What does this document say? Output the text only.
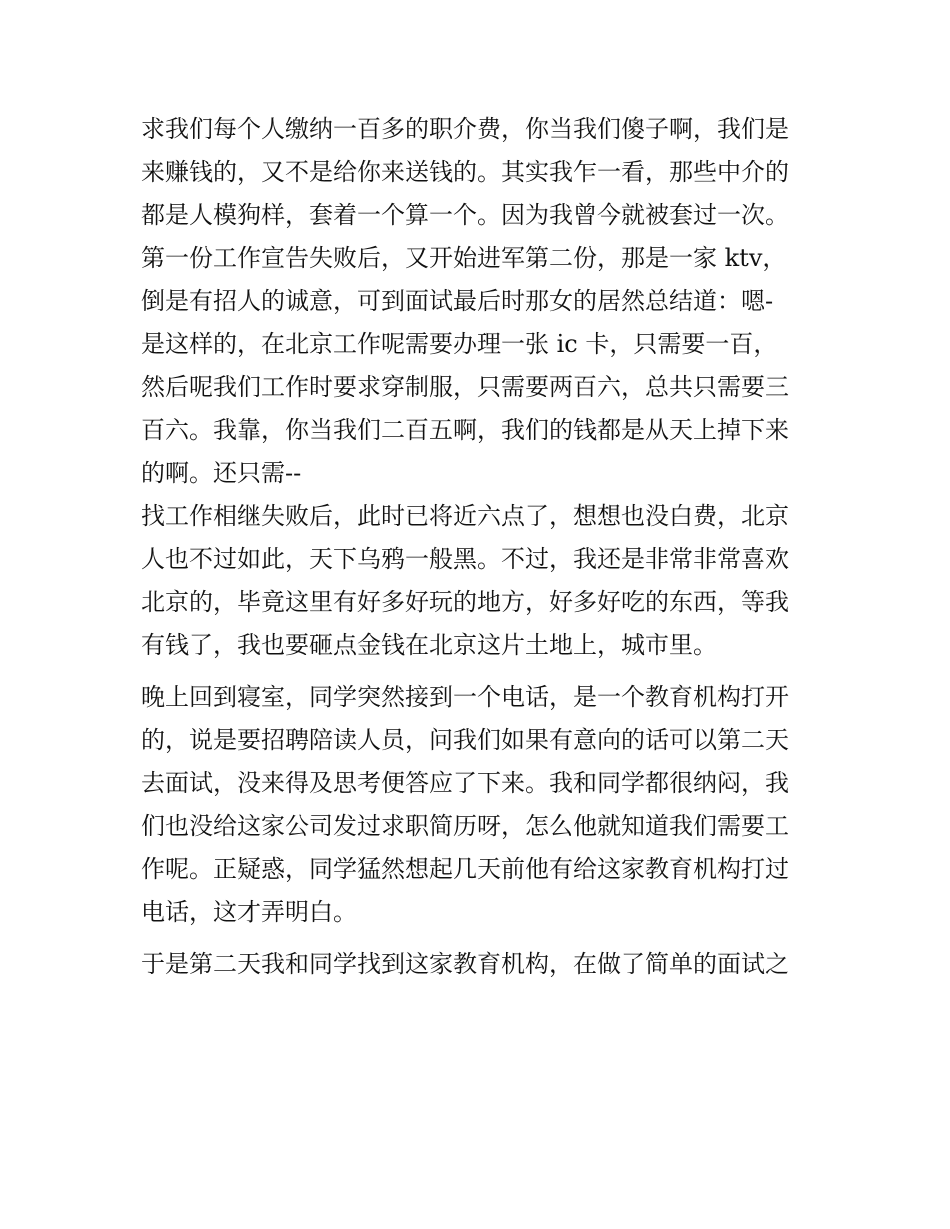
求我们每个人缴纳一百多的职介费，你当我们傻子啊，我们是
来赚钱的，又不是给你来送钱的。其实我乍一看，那些中介的
都是人模狗样，套着一个算一个。因为我曾今就被套过一次。
第一份工作宣告失败后，又开始进军第二份，那是一家 ktv，
倒是有招人的诚意，可到面试最后时那女的居然总结道：嗯-
是这样的，在北京工作呢需要办理一张 ic 卡，只需要一百，
然后呢我们工作时要求穿制服，只需要两百六，总共只需要三
百六。我靠，你当我们二百五啊，我们的钱都是从天上掉下来
的啊。还只需--
找工作相继失败后，此时已将近六点了，想想也没白费，北京
人也不过如此，天下乌鸦一般黑。不过，我还是非常非常喜欢
北京的，毕竟这里有好多好玩的地方，好多好吃的东西，等我
有钱了，我也要砸点金钱在北京这片土地上，城市里。
晚上回到寝室，同学突然接到一个电话，是一个教育机构打开
的，说是要招聘陪读人员，问我们如果有意向的话可以第二天
去面试，没来得及思考便答应了下来。我和同学都很纳闷，我
们也没给这家公司发过求职简历呀，怎么他就知道我们需要工
作呢。正疑惑，同学猛然想起几天前他有给这家教育机构打过
电话，这才弄明白。
于是第二天我和同学找到这家教育机构，在做了简单的面试之
